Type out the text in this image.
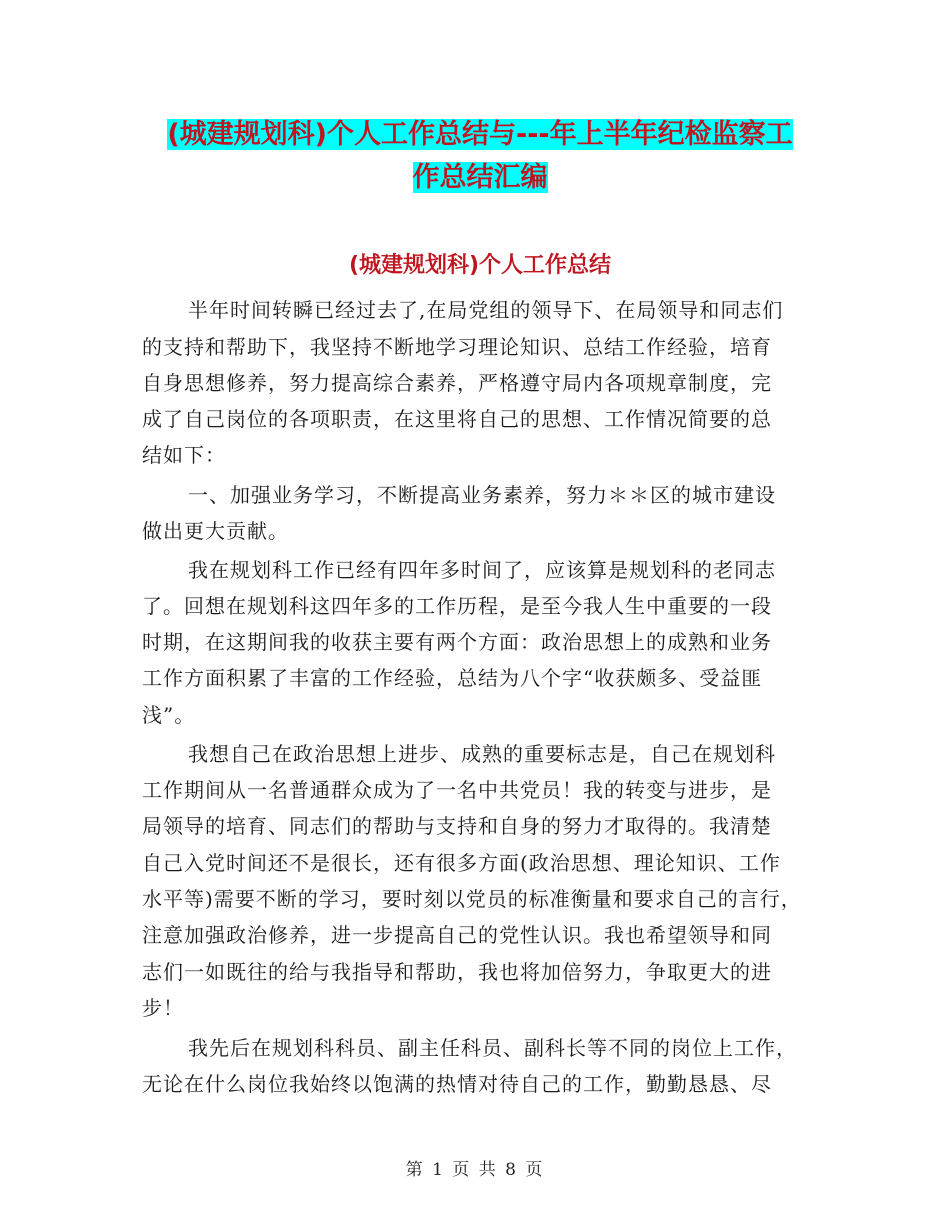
(城建规划科)个人工作总结与---年上半年纪检监察工
作总结汇编
(城建规划科)个人工作总结
半年时间转瞬已经过去了,在局党组的领导下、在局领导和同志们
的支持和帮助下，我坚持不断地学习理论知识、总结工作经验，培育
自身思想修养，努力提高综合素养，严格遵守局内各项规章制度，完
成了自己岗位的各项职责，在这里将自己的思想、工作情况简要的总
结如下：
一、加强业务学习，不断提高业务素养，努力＊＊区的城市建设
做出更大贡献。
我在规划科工作已经有四年多时间了，应该算是规划科的老同志
了。回想在规划科这四年多的工作历程，是至今我人生中重要的一段
时期，在这期间我的收获主要有两个方面：政治思想上的成熟和业务
工作方面积累了丰富的工作经验，总结为八个字“收获颇多、受益匪
浅”。
我想自己在政治思想上进步、成熟的重要标志是，自己在规划科
工作期间从一名普通群众成为了一名中共党员！我的转变与进步，是
局领导的培育、同志们的帮助与支持和自身的努力才取得的。我清楚
自己入党时间还不是很长，还有很多方面(政治思想、理论知识、工作
水平等)需要不断的学习，要时刻以党员的标准衡量和要求自己的言行，
注意加强政治修养，进一步提高自己的党性认识。我也希望领导和同
志们一如既往的给与我指导和帮助，我也将加倍努力，争取更大的进
步！
我先后在规划科科员、副主任科员、副科长等不同的岗位上工作，
无论在什么岗位我始终以饱满的热情对待自己的工作，勤勤恳恳、尽
第 1 页 共 8 页
